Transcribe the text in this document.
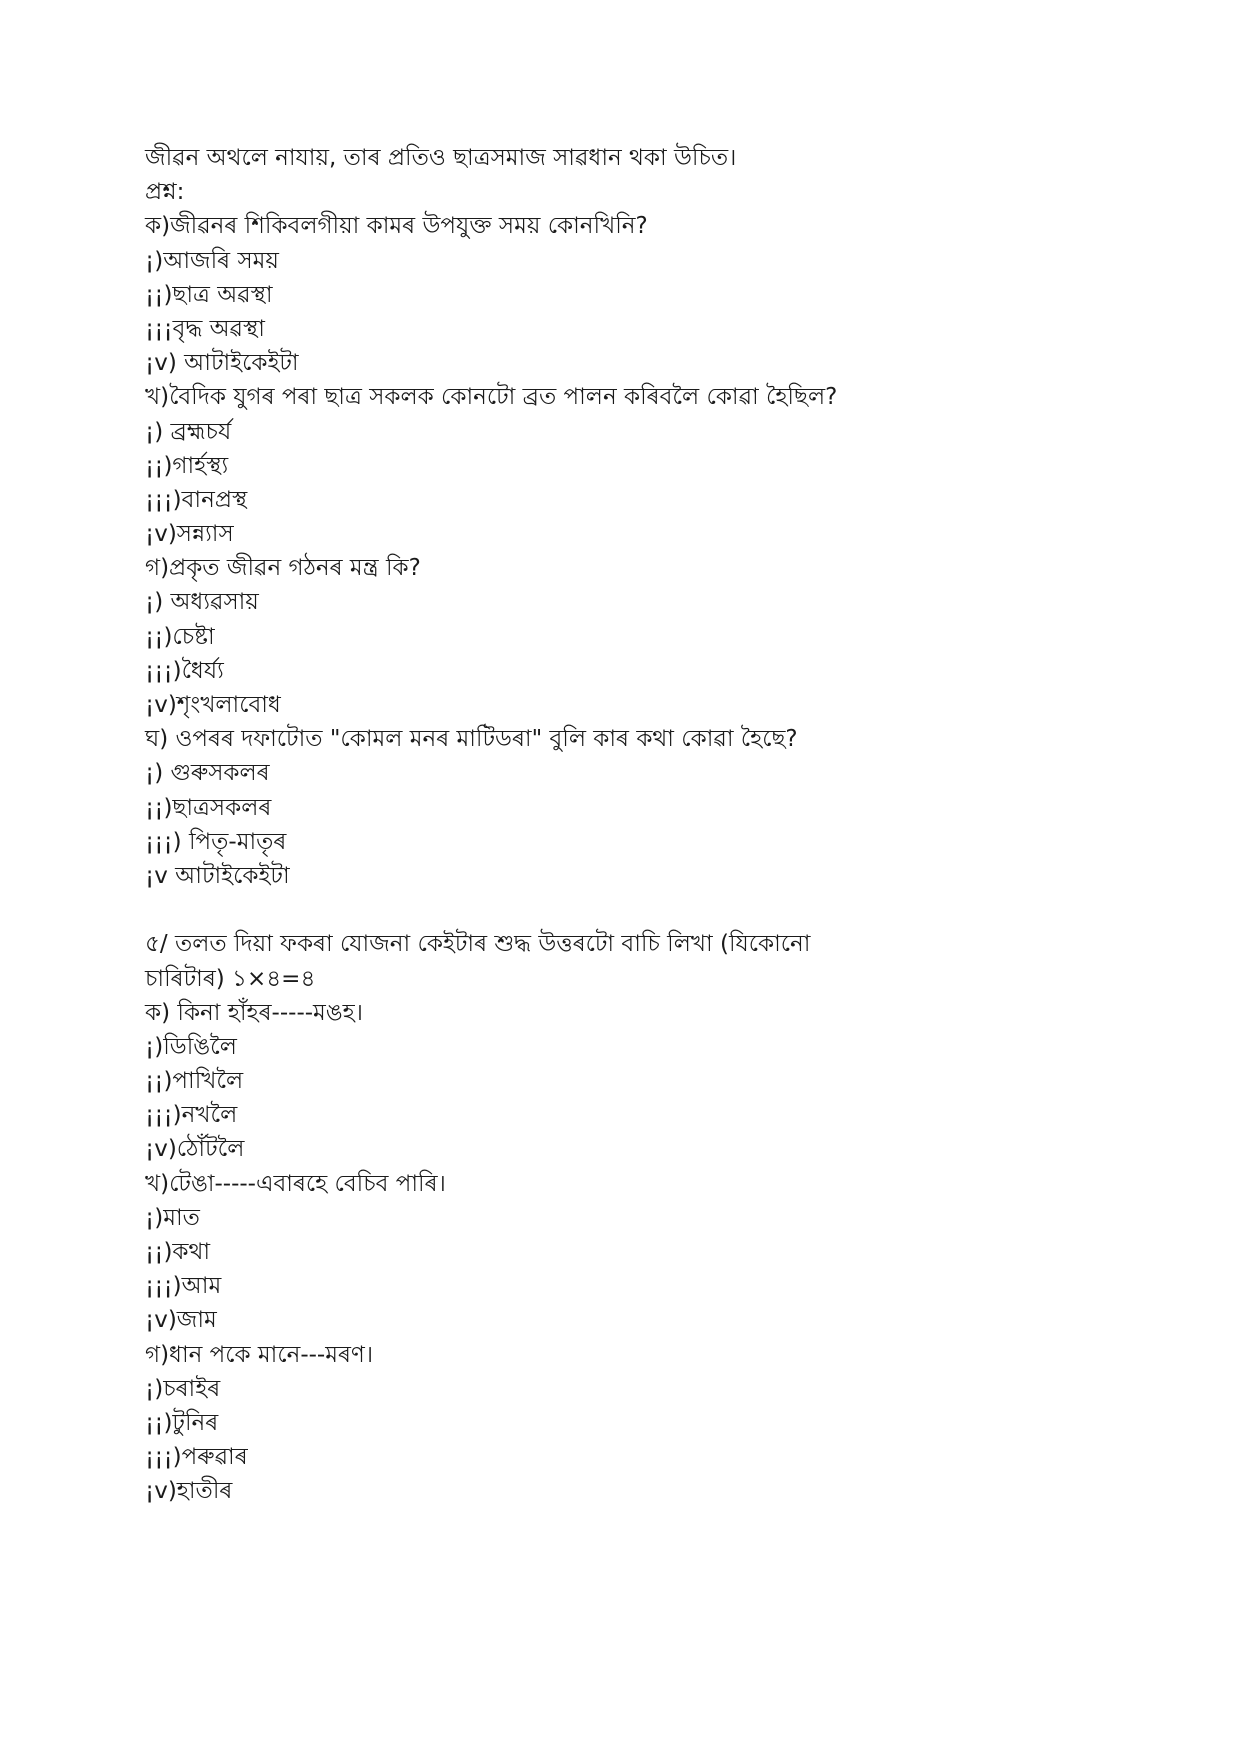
জীৱন অথলে নাযায়, তাৰ প্ৰতিও ছাত্ৰসমাজ সাৱধান থকা উচিত।
প্ৰশ্ন:
ক)জীৱনৰ শিকিবলগীয়া কামৰ উপযুক্ত সময় কোনখিনি?
¡)আজৰি সময়
¡¡)ছাত্ৰ অৱস্থা
¡¡¡বৃদ্ধ অৱস্থা
¡v) আটাইকেইটা
খ)বৈদিক যুগৰ পৰা ছাত্ৰ সকলক কোনটো ব্ৰত পালন কৰিবলৈ কোৱা হৈছিল?
¡) ব্ৰহ্মচৰ্য
¡¡)গাৰ্হস্থ্য
¡¡¡)বানপ্ৰস্থ
¡v)সন্ন্যাস
গ)প্ৰকৃত জীৱন গঠনৰ মন্ত্ৰ কি?
¡) অধ্যৱসায়
¡¡)চেষ্টা
¡¡¡)ধৈৰ্য্য
¡v)শৃংখলাবোধ
ঘ) ওপৰৰ দফাটোত "কোমল মনৰ মাটিডৰা" বুলি কাৰ কথা কোৱা হৈছে?
¡) গুৰুসকলৰ
¡¡)ছাত্ৰসকলৰ
¡¡¡) পিতৃ-মাতৃৰ
¡v আটাইকেইটা
৫/ তলত দিয়া ফকৰা যোজনা কেইটাৰ শুদ্ধ উত্তৰটো বাচি লিখা (যিকোনো
চাৰিটাৰ) ১×৪=৪
ক) কিনা হাঁহৰ-----মঙহ।
¡)ডিঙিলৈ
¡¡)পাখিলৈ
¡¡¡)নখলৈ
¡v)ঠোঁটলৈ
খ)টেঙা-----এবাৰহে বেচিব পাৰি।
¡)মাত
¡¡)কথা
¡¡¡)আম
¡v)জাম
গ)ধান পকে মানে---মৰণ।
¡)চৰাইৰ
¡¡)টুনিৰ
¡¡¡)পৰুৱাৰ
¡v)হাতীৰ
